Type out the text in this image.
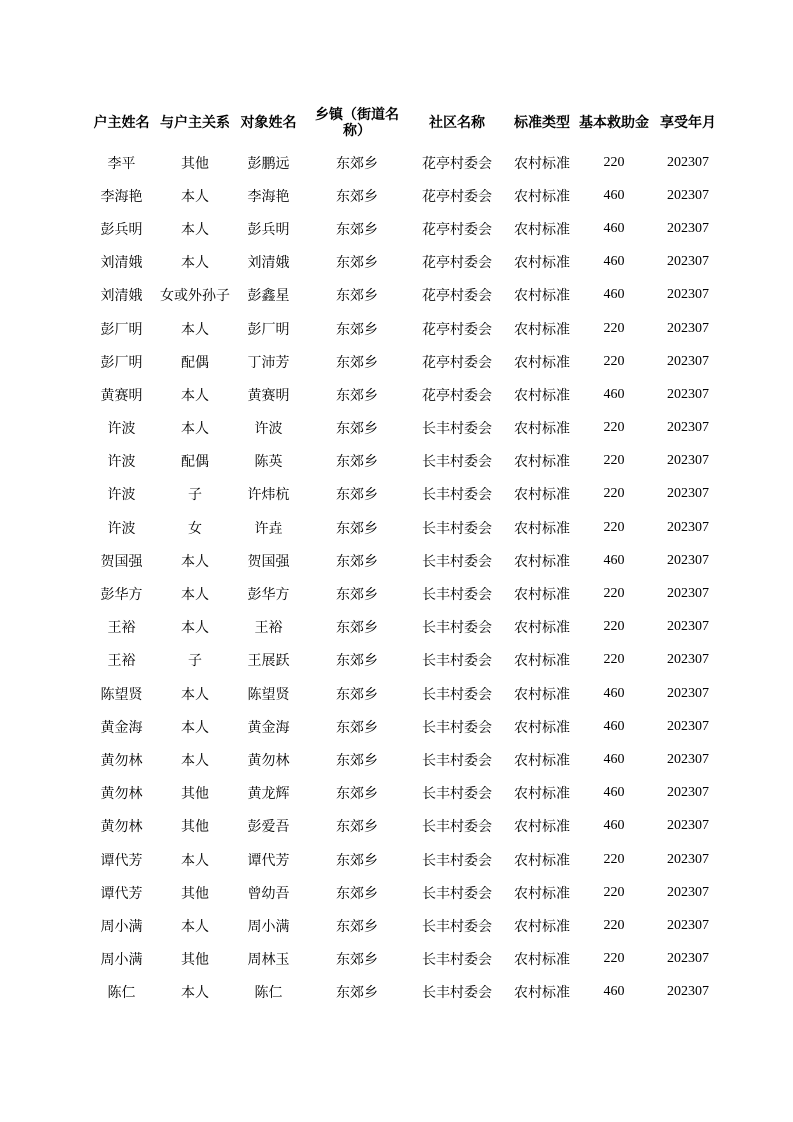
户主姓名	与户主关系	对象姓名	乡镇（街道名称）	社区名称	标准类型	基本救助金	享受年月
李平	其他	彭鹏远	东郊乡	花亭村委会	农村标准	220	202307
李海艳	本人	李海艳	东郊乡	花亭村委会	农村标准	460	202307
彭兵明	本人	彭兵明	东郊乡	花亭村委会	农村标准	460	202307
刘清娥	本人	刘清娥	东郊乡	花亭村委会	农村标准	460	202307
刘清娥	女或外孙子	彭鑫星	东郊乡	花亭村委会	农村标准	460	202307
彭厂明	本人	彭厂明	东郊乡	花亭村委会	农村标准	220	202307
彭厂明	配偶	丁沛芳	东郊乡	花亭村委会	农村标准	220	202307
黄赛明	本人	黄赛明	东郊乡	花亭村委会	农村标准	460	202307
许波	本人	许波	东郊乡	长丰村委会	农村标准	220	202307
许波	配偶	陈英	东郊乡	长丰村委会	农村标准	220	202307
许波	子	许炜杭	东郊乡	长丰村委会	农村标准	220	202307
许波	女	许垚	东郊乡	长丰村委会	农村标准	220	202307
贺国强	本人	贺国强	东郊乡	长丰村委会	农村标准	460	202307
彭华方	本人	彭华方	东郊乡	长丰村委会	农村标准	220	202307
王裕	本人	王裕	东郊乡	长丰村委会	农村标准	220	202307
王裕	子	王展跃	东郊乡	长丰村委会	农村标准	220	202307
陈望贤	本人	陈望贤	东郊乡	长丰村委会	农村标准	460	202307
黄金海	本人	黄金海	东郊乡	长丰村委会	农村标准	460	202307
黄勿林	本人	黄勿林	东郊乡	长丰村委会	农村标准	460	202307
黄勿林	其他	黄龙辉	东郊乡	长丰村委会	农村标准	460	202307
黄勿林	其他	彭爱吾	东郊乡	长丰村委会	农村标准	460	202307
谭代芳	本人	谭代芳	东郊乡	长丰村委会	农村标准	220	202307
谭代芳	其他	曾幼吾	东郊乡	长丰村委会	农村标准	220	202307
周小满	本人	周小满	东郊乡	长丰村委会	农村标准	220	202307
周小满	其他	周林玉	东郊乡	长丰村委会	农村标准	220	202307
陈仁	本人	陈仁	东郊乡	长丰村委会	农村标准	460	202307
